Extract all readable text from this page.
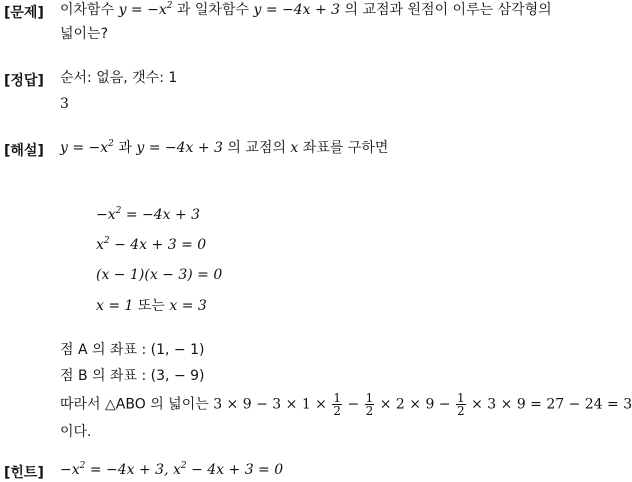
[문제] 이차함수 $y = -x^2$ 과 일차함수 y = −4x + 3 의 교점과 원점이 이루는 삼각형의
넓이는?
[정답] 순서: 없음, 갯수: 1
3
[해설] $y = -x^2$ 과 y = −4x + 3 의 교점의 x 좌표를 구하면
$-x^2 = -4x + 3$
$x^2 - 4x + 3 = 0$
(x − 1)(x − 3) = 0
x = 1 또는 x = 3
점 A 의 좌표 : (1, − 1)
점 B 의 좌표 : (3, − 9)
따라서 △ABO 의 넓이는 $3 \times 9 - 3 \times 1 \times \frac{1}{2} - \frac{1}{2} \times 2 \times 9 - \frac{1}{2} \times 3 \times 9 = 27 - 24 = 3$
이다.
[힌트] $-x^2 = -4x + 3$, $x^2 - 4x + 3 = 0$
